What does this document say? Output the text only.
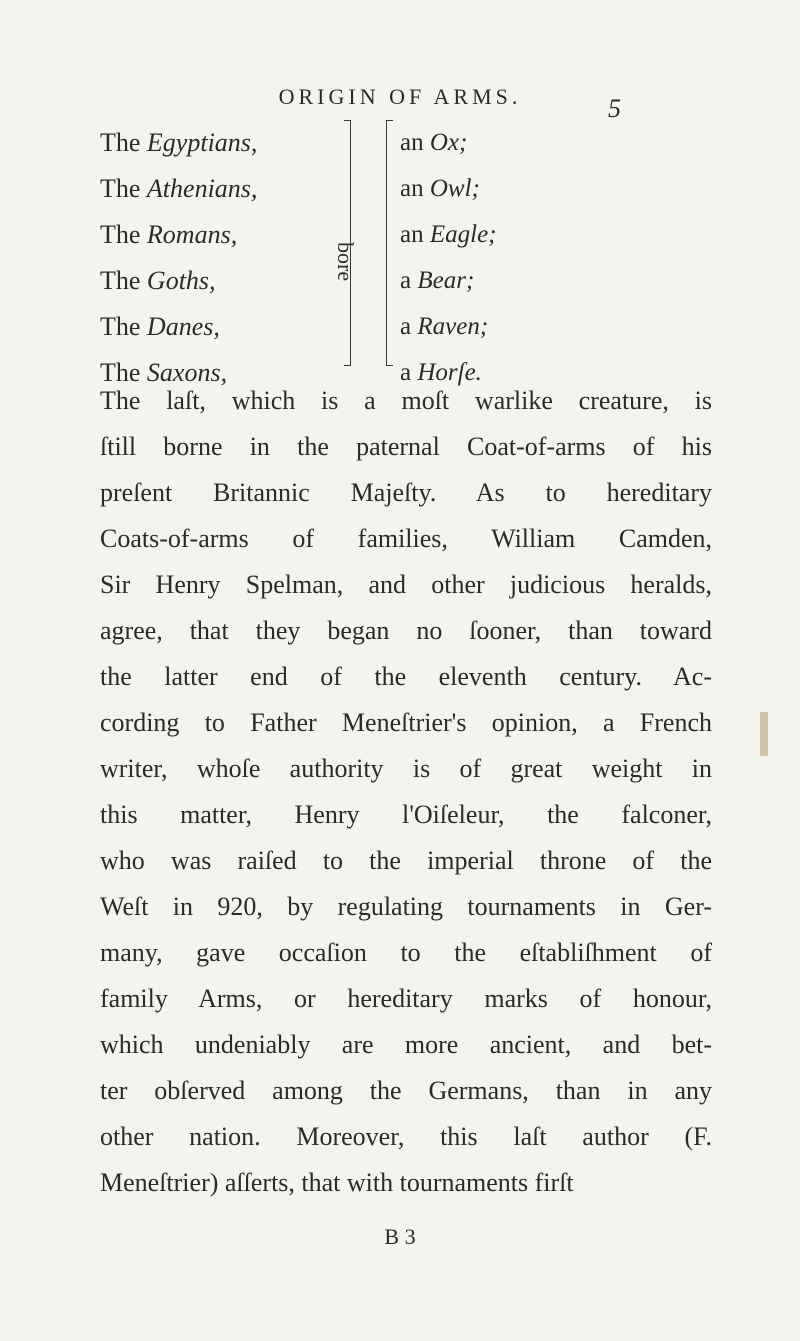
ORIGIN OF ARMS.	5
The Egyptians,
The Athenians,
The Romans,
The Goths,
The Danes,
The Saxons,
bore
an Ox;
an Owl;
an Eagle;
a Bear;
a Raven;
a Horſe.
The laſt, which is a moſt warlike creature, is
ſtill borne in the paternal Coat-of-arms of his
preſent Britannic Majeſty. As to hereditary
Coats-of-arms of families, William Camden,
Sir Henry Spelman, and other judicious heralds,
agree, that they began no ſooner, than toward
the latter end of the eleventh century. Ac-
cording to Father Meneſtrier's opinion, a French
writer, whoſe authority is of great weight in
this matter, Henry l'Oiſeleur, the falconer,
who was raiſed to the imperial throne of the
Weſt in 920, by regulating tournaments in Ger-
many, gave occaſion to the eſtabliſhment of
family Arms, or hereditary marks of honour,
which undeniably are more ancient, and bet-
ter obſerved among the Germans, than in any
other nation. Moreover, this laſt author (F.
Meneſtrier) aſſerts, that with tournaments firſt
B 3
